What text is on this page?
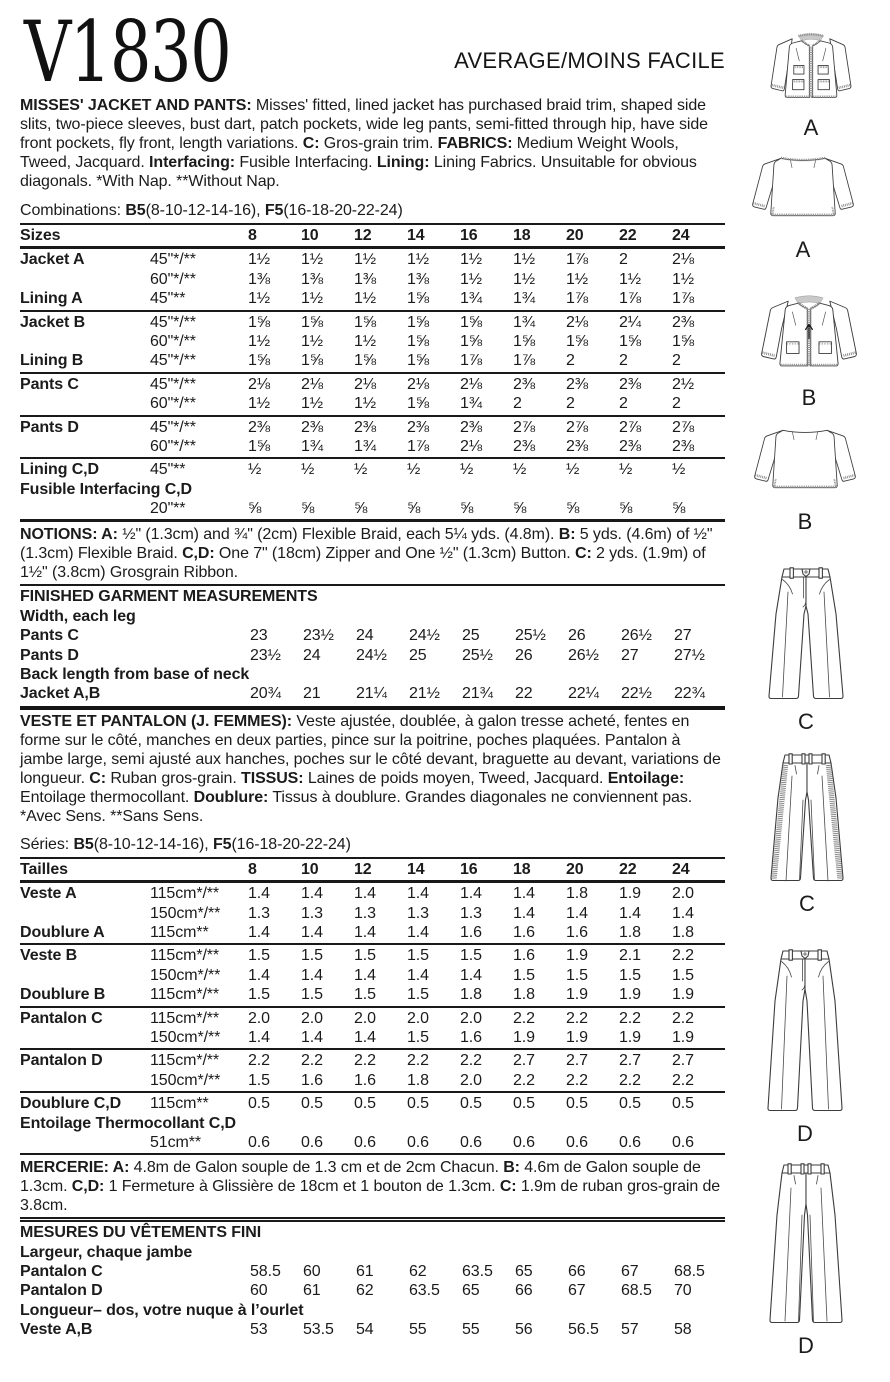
V1830	AVERAGE/MOINS FACILE

MISSES' JACKET AND PANTS: Misses' fitted, lined jacket has purchased braid trim, shaped side slits, two-piece sleeves, bust dart, patch pockets, wide leg pants, semi-fitted through hip, have side front pockets, fly front, length variations. C: Gros-grain trim. FABRICS: Medium Weight Wools, Tweed, Jacquard. Interfacing: Fusible Interfacing. Lining: Lining Fabrics. Unsuitable for obvious diagonals. *With Nap. **Without Nap.

Combinations: B5(8-10-12-14-16), F5(16-18-20-22-24)

Sizes	8	10	12	14	16	18	20	22	24
Jacket A	45"*/**	1½	1½	1½	1½	1½	1½	1⅞	2	2⅛
60"*/**	1⅜	1⅜	1⅜	1⅜	1½	1½	1½	1½	1½
Lining A	45"**	1½	1½	1½	1⅝	1¾	1¾	1⅞	1⅞	1⅞
Jacket B	45"*/**	1⅝	1⅝	1⅝	1⅝	1⅝	1¾	2⅛	2¼	2⅜
60"*/**	1½	1½	1½	1⅝	1⅝	1⅝	1⅝	1⅝	1⅝
Lining B	45"*/**	1⅝	1⅝	1⅝	1⅝	1⅞	1⅞	2	2	2
Pants C	45"*/**	2⅛	2⅛	2⅛	2⅛	2⅛	2⅜	2⅜	2⅜	2½
60"*/**	1½	1½	1½	1⅝	1¾	2	2	2	2
Pants D	45"*/**	2⅜	2⅜	2⅜	2⅜	2⅜	2⅞	2⅞	2⅞	2⅞
60"*/**	1⅝	1¾	1¾	1⅞	2⅛	2⅜	2⅜	2⅜	2⅜
Lining C,D	45"**	½	½	½	½	½	½	½	½	½
Fusible Interfacing C,D
20"**	⅝	⅝	⅝	⅝	⅝	⅝	⅝	⅝	⅝

NOTIONS: A: ½" (1.3cm) and ¾" (2cm) Flexible Braid, each 5¼ yds. (4.8m). B: 5 yds. (4.6m) of ½" (1.3cm) Flexible Braid. C,D: One 7" (18cm) Zipper and One ½" (1.3cm) Button. C: 2 yds. (1.9m) of 1½" (3.8cm) Grosgrain Ribbon.

FINISHED GARMENT MEASUREMENTS
Width, each leg
Pants C	23	23½	24	24½	25	25½	26	26½	27
Pants D	23½	24	24½	25	25½	26	26½	27	27½
Back length from base of neck
Jacket A,B	20¾	21	21¼	21½	21¾	22	22¼	22½	22¾

VESTE ET PANTALON (J. FEMMES): Veste ajustée, doublée, à galon tresse acheté, fentes en forme sur le côté, manches en deux parties, pince sur la poitrine, poches plaquées. Pantalon à jambe large, semi ajusté aux hanches, poches sur le côté devant, braguette au devant, variations de longueur. C: Ruban gros-grain. TISSUS: Laines de poids moyen, Tweed, Jacquard. Entoilage: Entoilage thermocollant. Doublure: Tissus à doublure. Grandes diagonales ne conviennent pas. *Avec Sens. **Sans Sens.

Séries: B5(8-10-12-14-16), F5(16-18-20-22-24)

Tailles	8	10	12	14	16	18	20	22	24
Veste A	115cm*/**	1.4	1.4	1.4	1.4	1.4	1.4	1.8	1.9	2.0
150cm*/**	1.3	1.3	1.3	1.3	1.3	1.4	1.4	1.4	1.4
Doublure A	115cm**	1.4	1.4	1.4	1.4	1.6	1.6	1.6	1.8	1.8
Veste B	115cm*/**	1.5	1.5	1.5	1.5	1.5	1.6	1.9	2.1	2.2
150cm*/**	1.4	1.4	1.4	1.4	1.4	1.5	1.5	1.5	1.5
Doublure B	115cm*/**	1.5	1.5	1.5	1.5	1.8	1.8	1.9	1.9	1.9
Pantalon C	115cm*/**	2.0	2.0	2.0	2.0	2.0	2.2	2.2	2.2	2.2
150cm*/**	1.4	1.4	1.4	1.5	1.6	1.9	1.9	1.9	1.9
Pantalon D	115cm*/**	2.2	2.2	2.2	2.2	2.2	2.7	2.7	2.7	2.7
150cm*/**	1.5	1.6	1.6	1.8	2.0	2.2	2.2	2.2	2.2
Doublure C,D	115cm**	0.5	0.5	0.5	0.5	0.5	0.5	0.5	0.5	0.5
Entoilage Thermocollant C,D
51cm**	0.6	0.6	0.6	0.6	0.6	0.6	0.6	0.6	0.6

MERCERIE: A: 4.8m de Galon souple de 1.3 cm et de 2cm Chacun. B: 4.6m de Galon souple de 1.3cm. C,D: 1 Fermeture à Glissière de 18cm et 1 bouton de 1.3cm. C: 1.9m de ruban gros-grain de 3.8cm.

MESURES DU VÊTEMENTS FINI
Largeur, chaque jambe
Pantalon C	58.5	60	61	62	63.5	65	66	67	68.5
Pantalon D	60	61	62	63.5	65	66	67	68.5	70
Longueur– dos, votre nuque à l’ourlet
Veste A,B	53	53.5	54	55	55	56	56.5	57	58
A
A
B
B
C
C
D
D
